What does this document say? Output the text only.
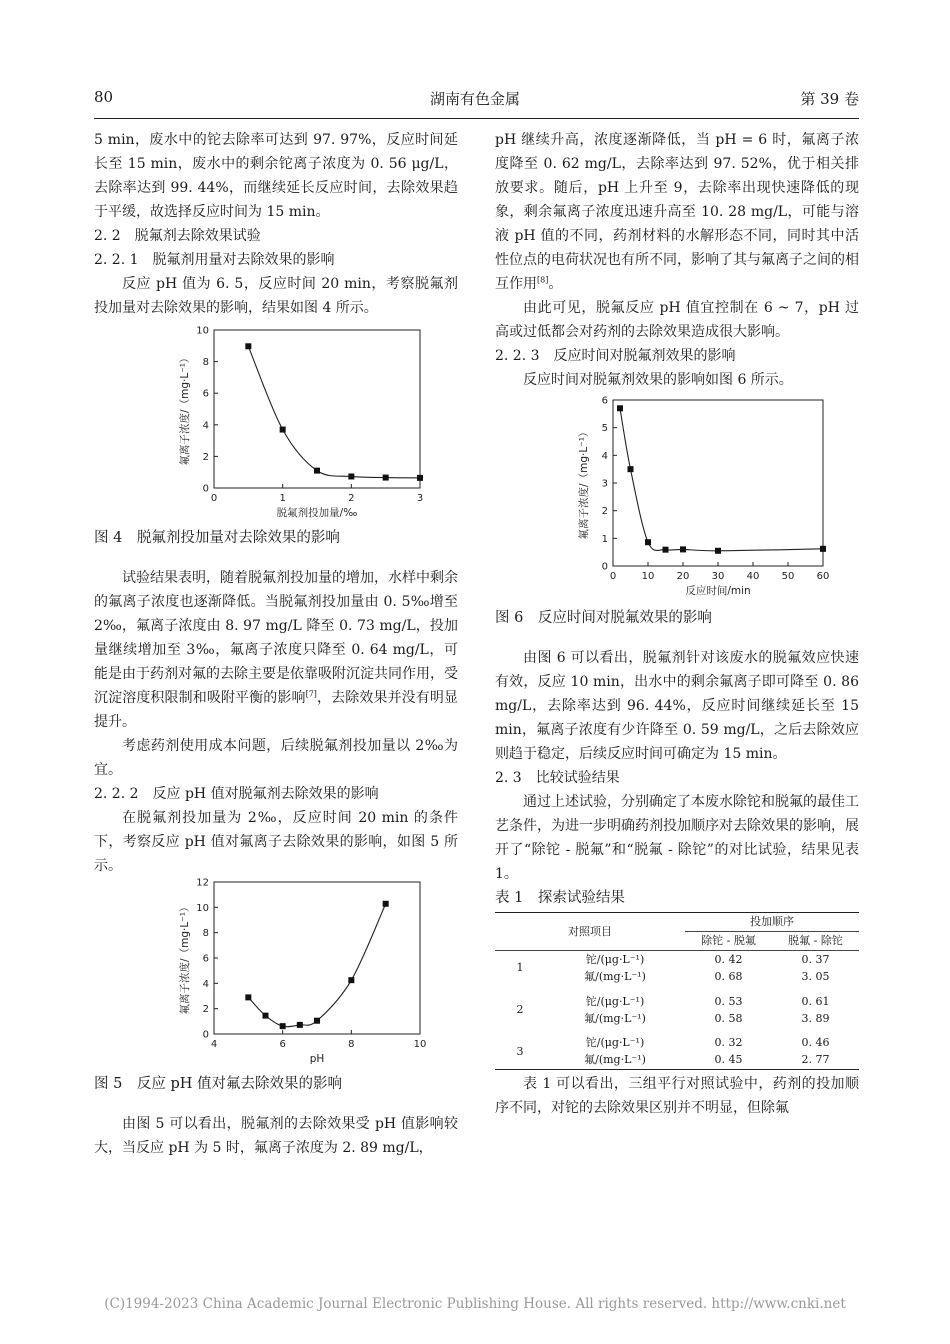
80	湖南有色金属	第 39 卷

5 min，废水中的铊去除率可达到 97. 97%，反应时间延长至 15 min，废水中的剩余铊离子浓度为 0. 56 μg/L，去除率达到 99. 44%，而继续延长反应时间，去除效果趋于平缓，故选择反应时间为 15 min。

2. 2　脱氟剂去除效果试验

2. 2. 1　脱氟剂用量对去除效果的影响

反应 pH 值为 6. 5，反应时间 20 min，考察脱氟剂投加量对去除效果的影响，结果如图 4 所示。

0	1	2	3
0
2
4
6
8
10
脱氟剂投加量/‰
氟离子浓度/（mg·L⁻¹）

图 4　脱氟剂投加量对去除效果的影响

试验结果表明，随着脱氟剂投加量的增加，水样中剩余的氟离子浓度也逐渐降低。当脱氟剂投加量由 0. 5‰增至 2‰，氟离子浓度由 8. 97 mg/L 降至 0. 73 mg/L，投加量继续增加至 3‰，氟离子浓度只降至 0. 64 mg/L，可能是由于药剂对氟的去除主要是依靠吸附沉淀共同作用，受沉淀溶度积限制和吸附平衡的影响[7]，去除效果并没有明显提升。

考虑药剂使用成本问题，后续脱氟剂投加量以 2‰为宜。

2. 2. 2　反应 pH 值对脱氟剂去除效果的影响

在脱氟剂投加量为 2‰，反应时间 20 min 的条件下，考察反应 pH 值对氟离子去除效果的影响，如图 5 所示。

4	6	8	10
0
2
4
6
8
10
12
pH
氟离子浓度/（mg·L⁻¹）

图 5　反应 pH 值对氟去除效果的影响

由图 5 可以看出，脱氟剂的去除效果受 pH 值影响较大，当反应 pH 为 5 时，氟离子浓度为 2. 89 mg/L，

pH 继续升高，浓度逐渐降低，当 pH = 6 时，氟离子浓度降至 0. 62 mg/L，去除率达到 97. 52%，优于相关排放要求。随后，pH 上升至 9，去除率出现快速降低的现象，剩余氟离子浓度迅速升高至 10. 28 mg/L，可能与溶液 pH 值的不同，药剂材料的水解形态不同，同时其中活性位点的电荷状况也有所不同，影响了其与氟离子之间的相互作用[8]。

由此可见，脱氟反应 pH 值宜控制在 6 ~ 7，pH 过高或过低都会对药剂的去除效果造成很大影响。

2. 2. 3　反应时间对脱氟剂效果的影响

反应时间对脱氟剂效果的影响如图 6 所示。

0	10 20 30 40 50 60
0
1
2
3
4
5
6
反应时间/min
氟离子浓度/（mg·L⁻¹）

图 6　反应时间对脱氟效果的影响

由图 6 可以看出，脱氟剂针对该废水的脱氟效应快速有效，反应 10 min，出水中的剩余氟离子即可降至 0. 86 mg/L，去除率达到 96. 44%，反应时间继续延长至 15 min，氟离子浓度有少许降至 0. 59 mg/L，之后去除效应则趋于稳定，后续反应时间可确定为 15 min。

2. 3　比较试验结果

通过上述试验，分别确定了本废水除铊和脱氟的最佳工艺条件，为进一步明确药剂投加顺序对去除效果的影响，展开了“除铊 - 脱氟”和“脱氟 - 除铊”的对比试验，结果见表 1。

表 1　探索试验结果

对照项目		投加顺序	
		除铊 - 脱氟	脱氟 - 除铊
1	铊/(μg·L⁻¹)	0. 42	0. 37
	氟/(mg·L⁻¹)	0. 68	3. 05

2	铊/(μg·L⁻¹)	0. 53	0. 61
	氟/(mg·L⁻¹)	0. 58	3. 89

3	铊/(μg·L⁻¹)	0. 32	0. 46
	氟/(mg·L⁻¹)	0. 45	2. 77

表 1 可以看出，三组平行对照试验中，药剂的投加顺序不同，对铊的去除效果区别并不明显，但除氟

(C)1994-2023 China Academic Journal Electronic Publishing House. All rights reserved. http://www.cnki.net
